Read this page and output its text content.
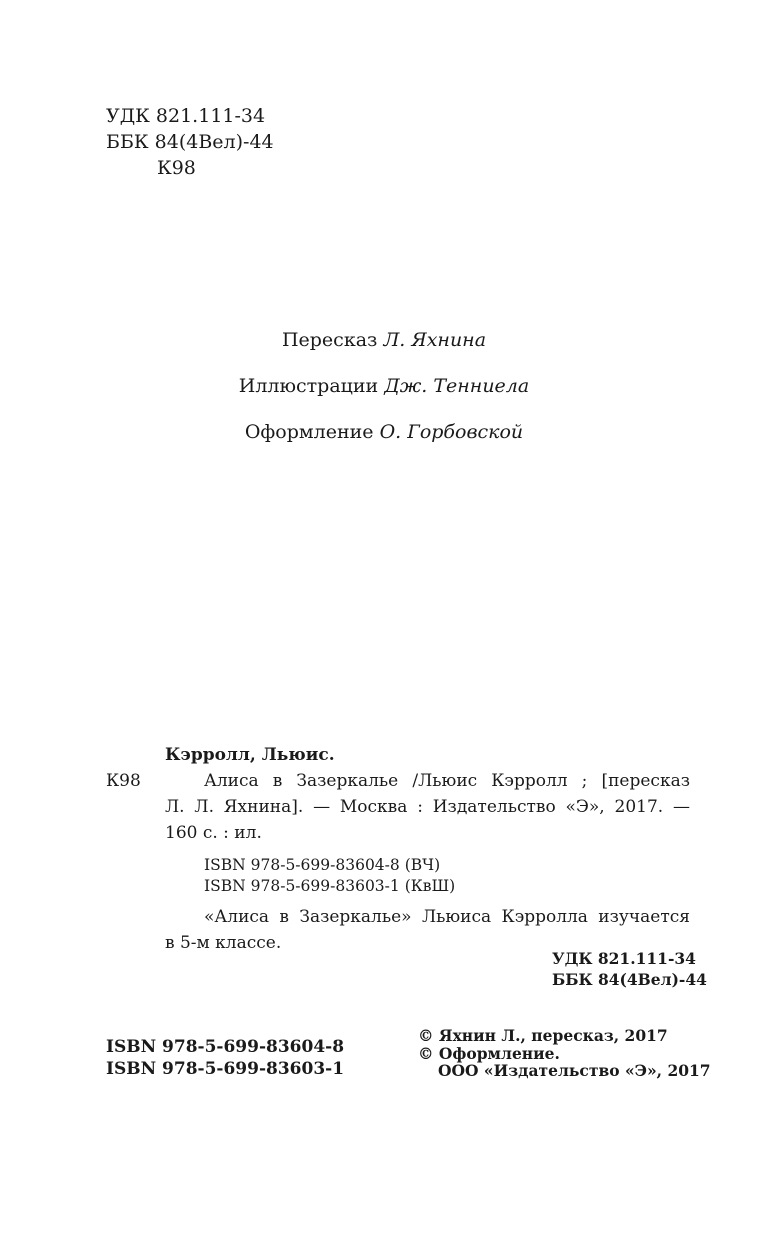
УДК 821.111-34
ББК 84(4Вел)-44
К98
Пересказ Л. Яхнина
Иллюстрации Дж. Тенниела
Оформление О. Горбовской
Кэрролл, Льюис.
К98	Алиса в Зазеркалье /Льюис Кэрролл ; [пересказ
Л. Л. Яхнина]. — Москва : Издательство «Э», 2017. —
160 с. : ил.
ISBN 978-5-699-83604-8 (ВЧ)
ISBN 978-5-699-83603-1 (КвШ)
«Алиса в Зазеркалье» Льюиса Кэрролла изучается
в 5-м классе.
УДК 821.111-34
ББК 84(4Вел)-44
ISBN 978-5-699-83604-8
ISBN 978-5-699-83603-1
© Яхнин Л., пересказ, 2017
© Оформление.
ООО «Издательство «Э», 2017
